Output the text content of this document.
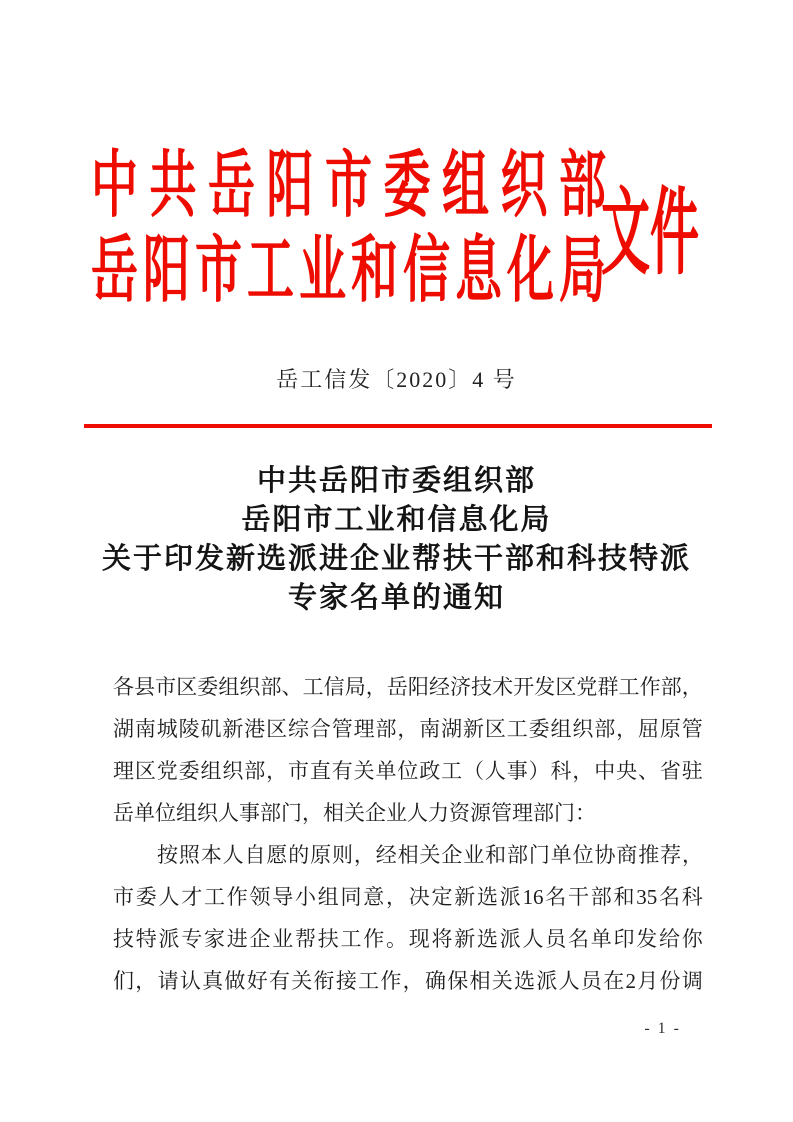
中 共 岳 阳 市 委 组 织 部
岳 阳 市 工 业 和 信 息 化 局
文件
岳工信发〔2020〕4 号
中共岳阳市委组织部
岳阳市工业和信息化局
关于印发新选派进企业帮扶干部和科技特派
专家名单的通知
各 县 市 区 委 组 织 部 、 工 信 局 ， 岳 阳 经 济 技 术 开 发 区 党 群 工 作 部 ，
湖 南 城 陵 矶 新 港 区 综 合 管 理 部 ， 南 湖 新 区 工 委 组 织 部 ， 屈 原 管
理 区 党 委 组 织 部 ， 市 直 有 关 单 位 政 工 （ 人 事 ） 科 ， 中 央 、 省 驻
岳单位组织人事部门，相关企业人力资源管理部门：
按 照 本 人 自 愿 的 原 则 ， 经 相 关 企 业 和 部 门 单 位 协 商 推 荐 ，
市 委 人 才 工 作 领 导 小 组 同 意 ， 决 定 新 选 派 16 名 干 部 和 35 名 科
技 特 派 专 家 进 企 业 帮 扶 工 作 。 现 将 新 选 派 人 员 名 单 印 发 给 你
们 ， 请 认 真 做 好 有 关 衔 接 工 作 ， 确 保 相 关 选 派 人 员 在 2 月 份 调
- 1 -
